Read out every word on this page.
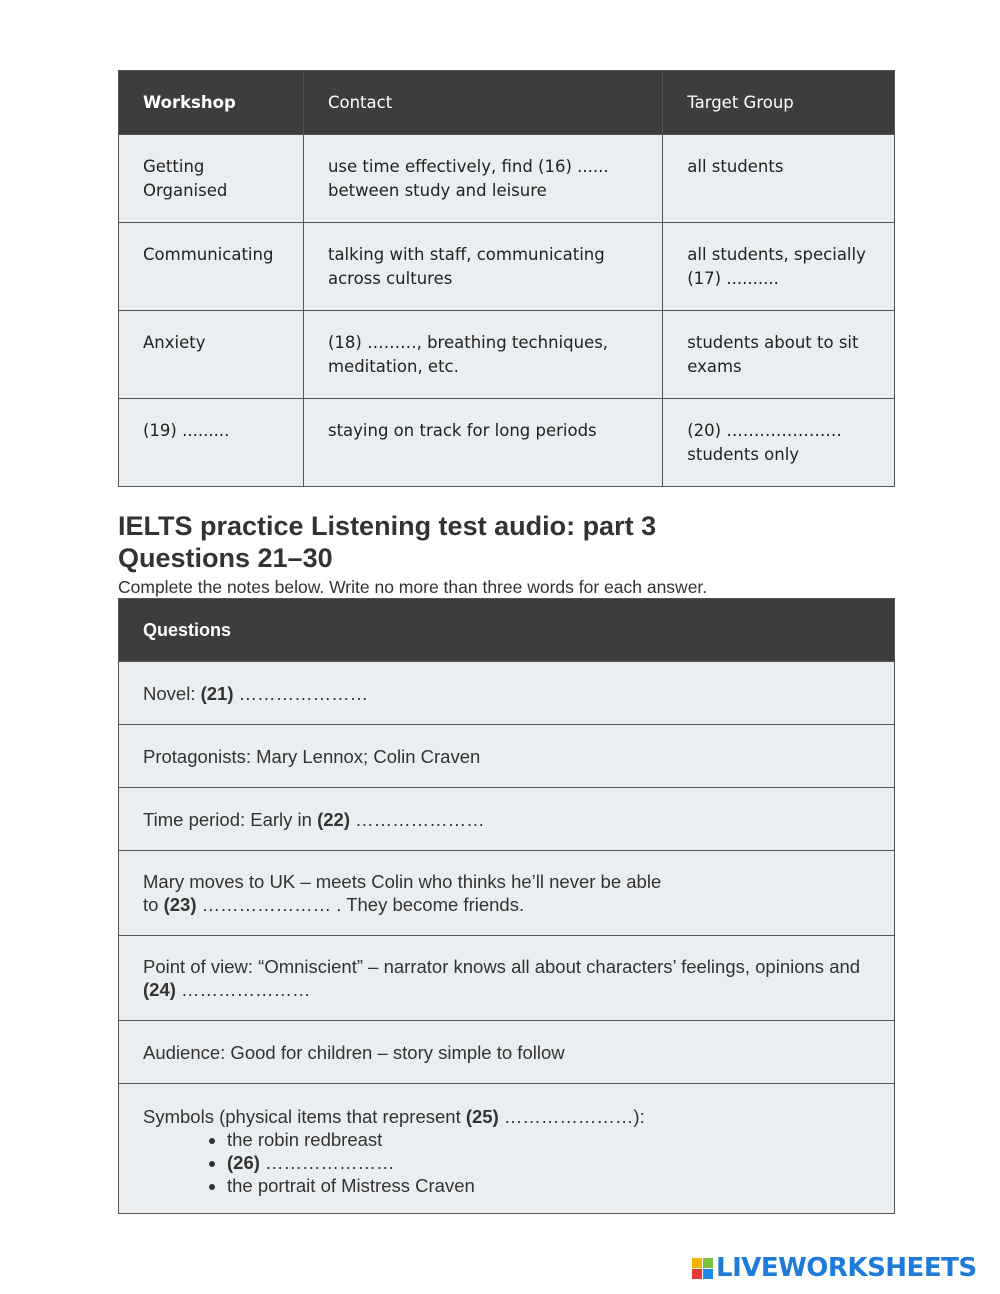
Workshop	Contact	Target Group
Getting Organised	use time effectively, find (16) ...... between study and leisure	all students
Communicating	talking with staff, communicating across cultures	all students, specially (17) ..........
Anxiety	(18) ………, breathing techniques, meditation, etc.	students about to sit exams
(19) .........	staying on track for long periods	(20) ………………… students only
IELTS practice Listening test audio: part 3
Questions 21–30
Complete the notes below. Write no more than three words for each answer.
Questions
Novel: (21) …………………
Protagonists: Mary Lennox; Colin Craven
Time period: Early in (22) …………………
Mary moves to UK – meets Colin who thinks he’ll never be able
to (23) ………………… . They become friends.
Point of view: “Omniscient” – narrator knows all about characters’ feelings, opinions and (24) …………………
Audience: Good for children – story simple to follow
Symbols (physical items that represent (25) …………………):
• the robin redbreast
• (26) …………………
• the portrait of Mistress Craven
LIVEWORKSHEETS
